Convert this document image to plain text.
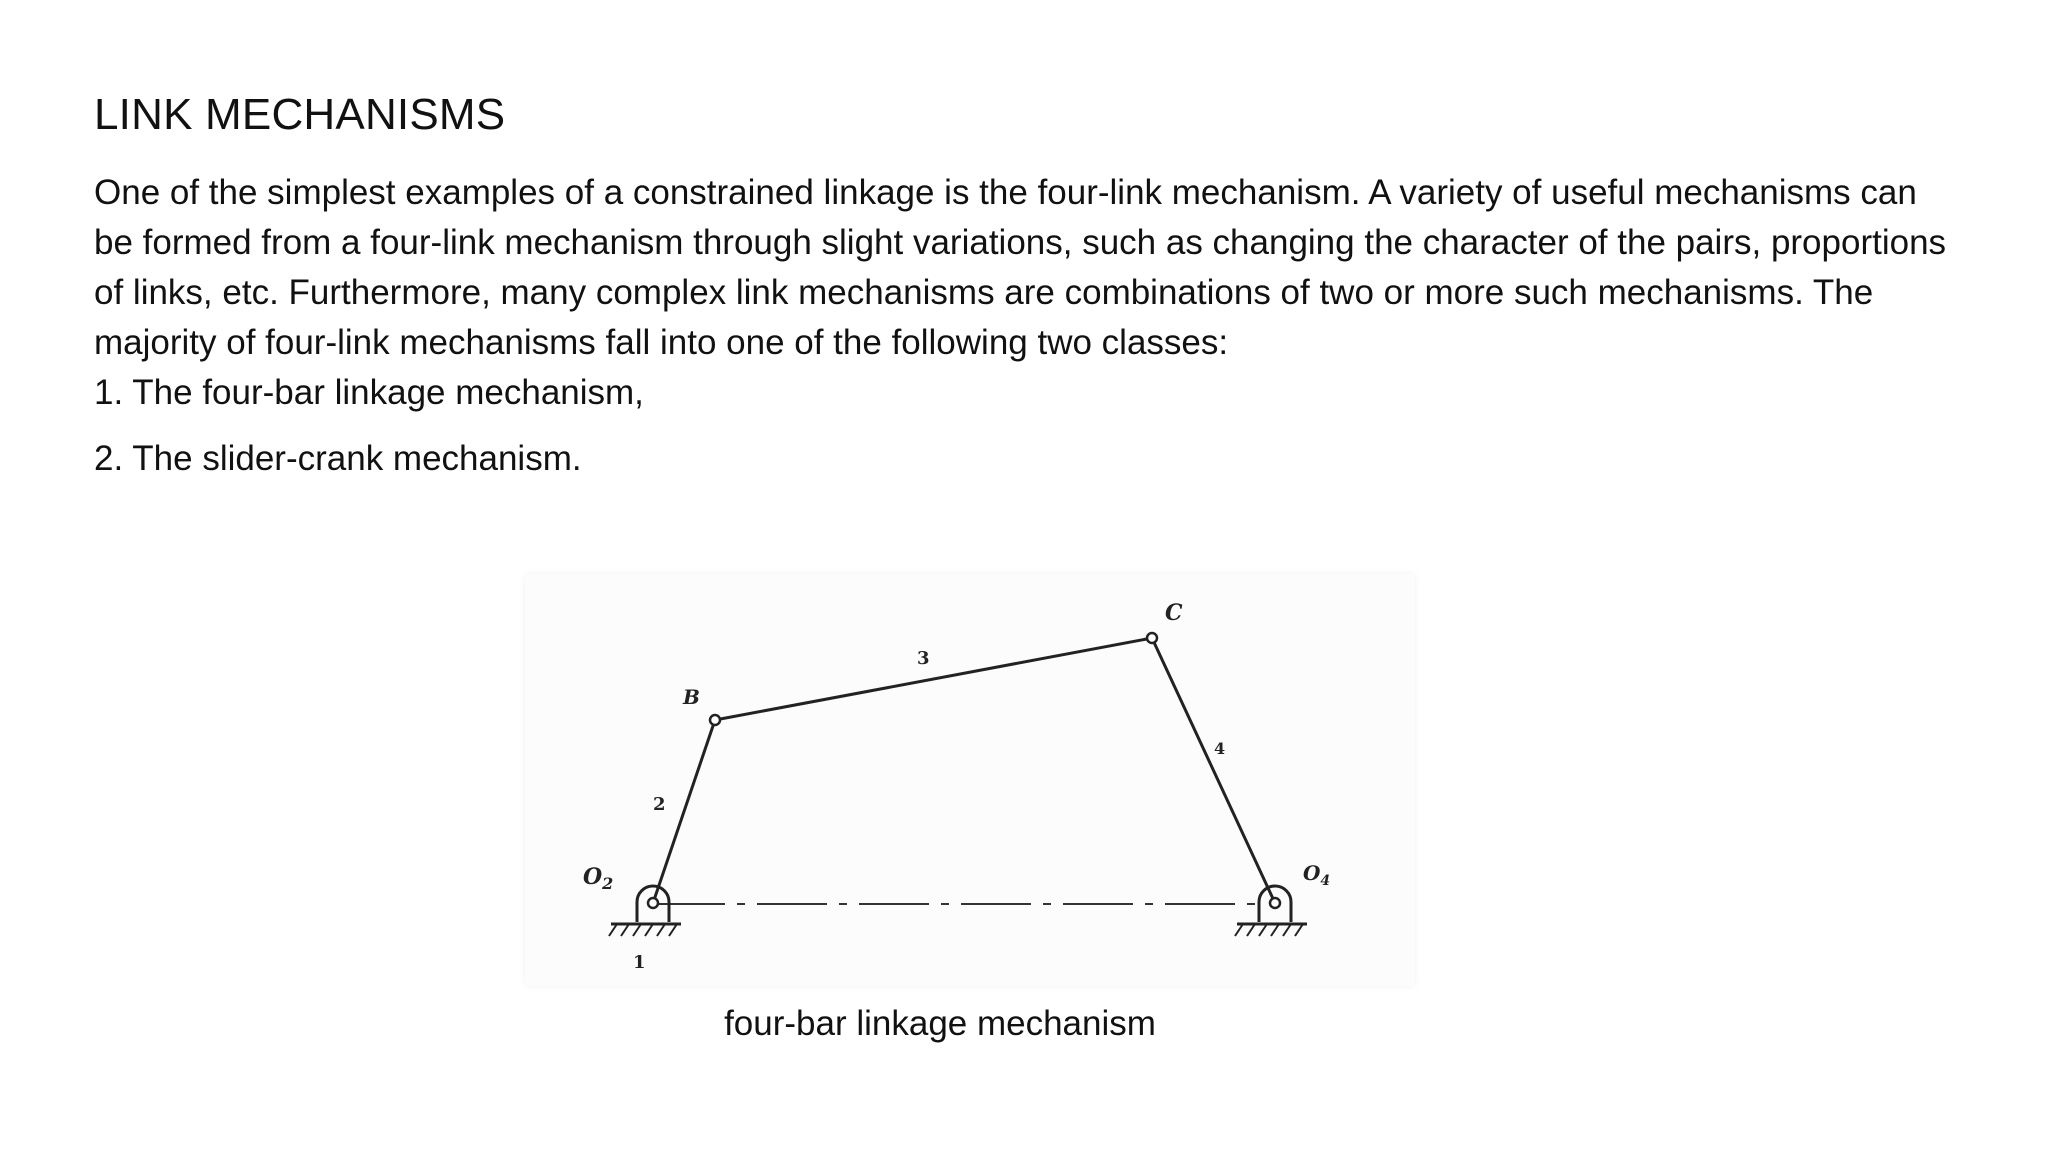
LINK MECHANISMS

One of the simplest examples of a constrained linkage is the four-link mechanism. A variety of useful mechanisms can be formed from a four-link mechanism through slight variations, such as changing the character of the pairs, proportions of links, etc. Furthermore, many complex link mechanisms are combinations of two or more such mechanisms. The majority of four-link mechanisms fall into one of the following two classes:

1. The four-bar linkage mechanism,

2. The slider-crank mechanism.

B
C
3
2
4
1
$O_2$	$O_4$
four-bar linkage mechanism
